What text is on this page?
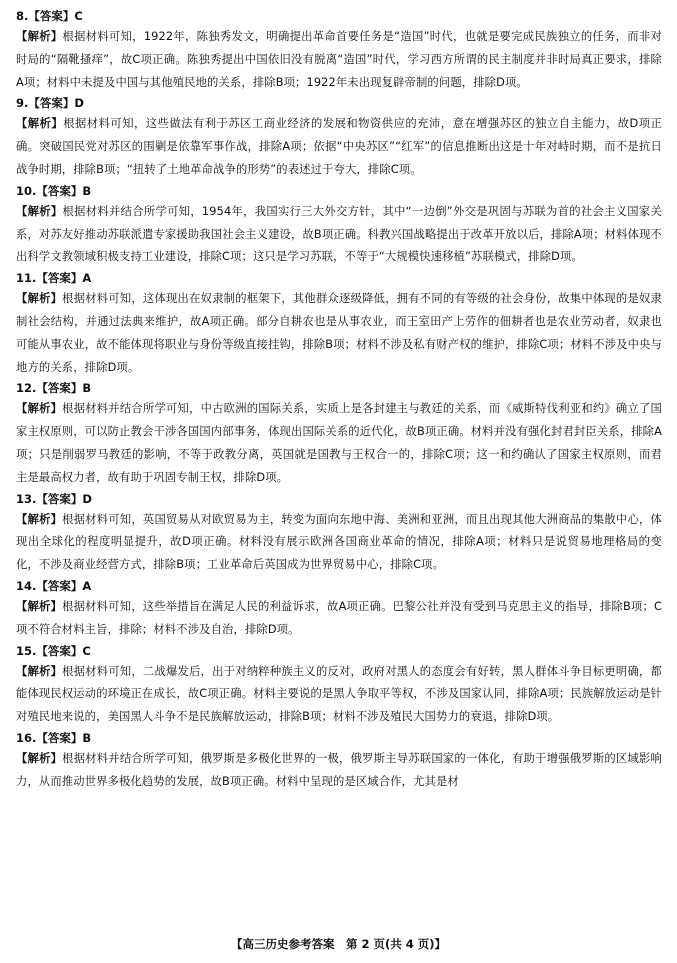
8.【答案】C
【解析】根据材料可知，1922年，陈独秀发文，明确提出革命首要任务是“造国”时代，也就是要完成民族独立的任务，而非对时局的“隔靴搔痒”，故C项正确。陈独秀提出中国依旧没有脱离“造国”时代，学习西方所谓的民主制度并非时局真正要求，排除A项；材料中未提及中国与其他殖民地的关系，排除B项；1922年未出现复辟帝制的问题，排除D项。
9.【答案】D
【解析】根据材料可知，这些做法有利于苏区工商业经济的发展和物资供应的充沛，意在增强苏区的独立自主能力，故D项正确。突破国民党对苏区的围剿是依靠军事作战，排除A项；依据“中央苏区”“红军”的信息推断出这是十年对峙时期，而不是抗日战争时期，排除B项；“扭转了土地革命战争的形势”的表述过于夸大，排除C项。
10.【答案】B
【解析】根据材料并结合所学可知，1954年，我国实行三大外交方针，其中“一边倒”外交是巩固与苏联为首的社会主义国家关系，对苏友好推动苏联派遣专家援助我国社会主义建设，故B项正确。科教兴国战略提出于改革开放以后，排除A项；材料体现不出科学文教领域积极支持工业建设，排除C项；这只是学习苏联，不等于“大规模快速移植”苏联模式，排除D项。
11.【答案】A
【解析】根据材料可知，这体现出在奴隶制的框架下，其他群众逐级降低，拥有不同的有等级的社会身份，故集中体现的是奴隶制社会结构，并通过法典来维护，故A项正确。部分自耕农也是从事农业，而王室田产上劳作的佃耕者也是农业劳动者，奴隶也可能从事农业，故不能体现将职业与身份等级直接挂钩，排除B项；材料不涉及私有财产权的维护，排除C项；材料不涉及中央与地方的关系，排除D项。
12.【答案】B
【解析】根据材料并结合所学可知，中古欧洲的国际关系，实质上是各封建主与教廷的关系，而《威斯特伐利亚和约》确立了国家主权原则，可以防止教会干涉各国国内部事务，体现出国际关系的近代化，故B项正确。材料并没有强化封君封臣关系，排除A项；只是削弱罗马教廷的影响，不等于政教分离，英国就是国教与王权合一的，排除C项；这一和约确认了国家主权原则，而君主是最高权力者，故有助于巩固专制王权，排除D项。
13.【答案】D
【解析】根据材料可知，英国贸易从对欧贸易为主，转变为面向东地中海、美洲和亚洲，而且出现其他大洲商品的集散中心，体现出全球化的程度明显提升，故D项正确。材料没有展示欧洲各国商业革命的情况，排除A项；材料只是说贸易地理格局的变化，不涉及商业经营方式，排除B项；工业革命后英国成为世界贸易中心，排除C项。
14.【答案】A
【解析】根据材料可知，这些举措旨在满足人民的利益诉求，故A项正确。巴黎公社并没有受到马克思主义的指导，排除B项；C项不符合材料主旨，排除；材料不涉及自治，排除D项。
15.【答案】C
【解析】根据材料可知，二战爆发后，出于对纳粹种族主义的反对，政府对黑人的态度会有好转，黑人群体斗争目标更明确，都能体现民权运动的环境正在成长，故C项正确。材料主要说的是黑人争取平等权，不涉及国家认同，排除A项；民族解放运动是针对殖民地来说的，美国黑人斗争不是民族解放运动，排除B项；材料不涉及殖民大国势力的衰退，排除D项。
16.【答案】B
【解析】根据材料并结合所学可知，俄罗斯是多极化世界的一极，俄罗斯主导苏联国家的一体化，有助于增强俄罗斯的区域影响力，从而推动世界多极化趋势的发展，故B项正确。材料中呈现的是区域合作，尤其是材
【高三历史参考答案　第 2 页(共 4 页)】
